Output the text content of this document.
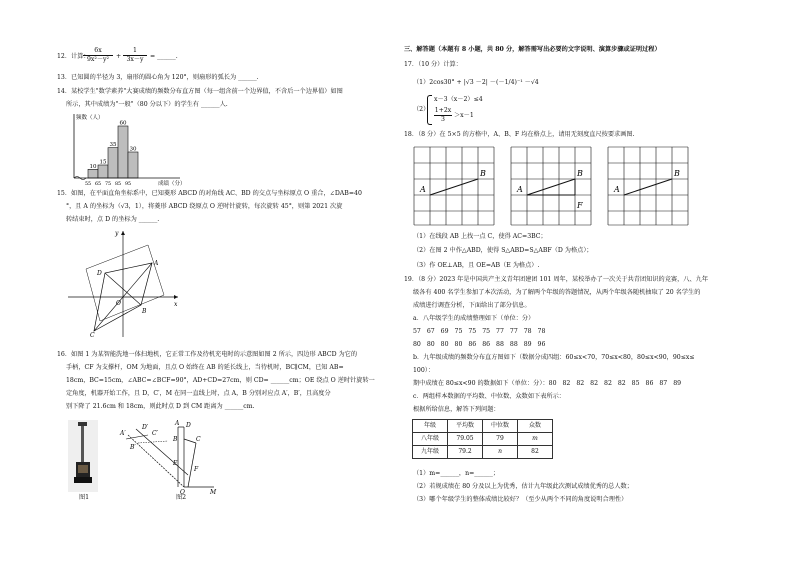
12．计算：
$\frac{6x}{\text{9x²－y²}} + \frac{1}{3x-y}$ = ______.
13．已知圆的半径为 3，扇形的圆心角为 120°，则扇形的弧长为 ______.
14．某校学生"数学素养"大赛成绩的频数分布直方图（每一组含前一个边界值，不含后一个边界值）如图
所示，其中成绩为"一般"（80 分以下）的学生有 ______人.
10
15
35
60
30
55 65 75 85 95
频数（人）
成绩（分）
15．如图，在平面直角坐标系中，已知菱形 ABCD 的对角线 AC、BD 的交点与坐标原点 O 重合，∠DAB=40
°，且 A 的坐标为（√3，1），将菱形 ABCD 绕原点 O 逆时针旋转，每次旋转 45°，则第 2021 次旋
转结束时，点 D 的坐标为 ______.
y
x
A
B
C
D
O
16．如图 1 为某智能洗地一体扫地机，它正常工作及待机充电时的示意图如图 2 所示，四边形 ABCD 为它的
手柄，CF 为支撑杆，OM 为地面，且点 O 始终在 AB 的延长线上，当待机时，BC∥CM，已知 AB=
18cm，BC=15cm，∠ABC=∠BCF=90°，AD+CD=27cm，则 CD= ______cm；OE 绕点 O 逆时针旋转一
定角度，机器开始工作，且 D，C′，M 在同一直线上时，点 A，B 分别对应点 A′，B′，且高度分
别下降了 21.6cm 和 18cm，则此时点 D 到 CM 距离为 ______cm.
图1
A D
C
B
F
E
O	M
A′
D′
C′
B′
图2
三、解答题（本题有 8 小题，共 80 分，解答需写出必要的文字说明、演算步骤或证明过程）
17．（10 分）计算：
（1）2cos30° + |√3 －2| －(－1/4)⁻¹ －√4
（2）
x－3（x－2）≤4
$\frac{1+2x}{3} >x-1$
18．（8 分）在 5×5 的方格中，A、B、F 均在格点上，请用无刻度直尺按要求画图.
A
B
A
B
F
A
B
（1）在线段 AB 上找一点 C，使得 AC=3BC；
（2）在图 2 中作△ABD，使得 S△ABD=S△ABF（D 为格点）；
（3）作 OE⊥AB，且 OE=AB（E 为格点）.
19．（8 分）2023 年是中国共产主义青年团建团 101 周年，某校举办了一次关于共青团知识的竞赛，八、九年
级各有 400 名学生参加了本次活动，为了解两个年级的答题情况，从两个年级各随机抽取了 20 名学生的
成绩进行调查分析，下面给出了部分信息。
a．八年级学生的成绩整理如下（单位：分）
57 67 69 75 75 75 77 77 78 78
80 80 80 80 86 86 88 88 89 96
b．九年级成绩的频数分布直方图如下（数据分成四组：60≤x<70，70≤x<80，80≤x<90，90≤x≤
100）：
期中成绩在 80≤x<90 的数据如下（单位：分）：80 82 82 82 82 82 85 86 87 89
c．两组样本数据的平均数、中位数、众数如下表所示：
根据所给信息，解答下列问题：
年级	平均数	中位数	众数
八年级	79.05	79	m
九年级	79.2	n	82
（1）m=______，n=______；
（2）若规成绩在 80 分及以上为优秀，估计九年级此次测试成绩优秀的总人数；
（3）哪个年级学生的整体成绩比较好？（至少从两个不同的角度说明合理性）
